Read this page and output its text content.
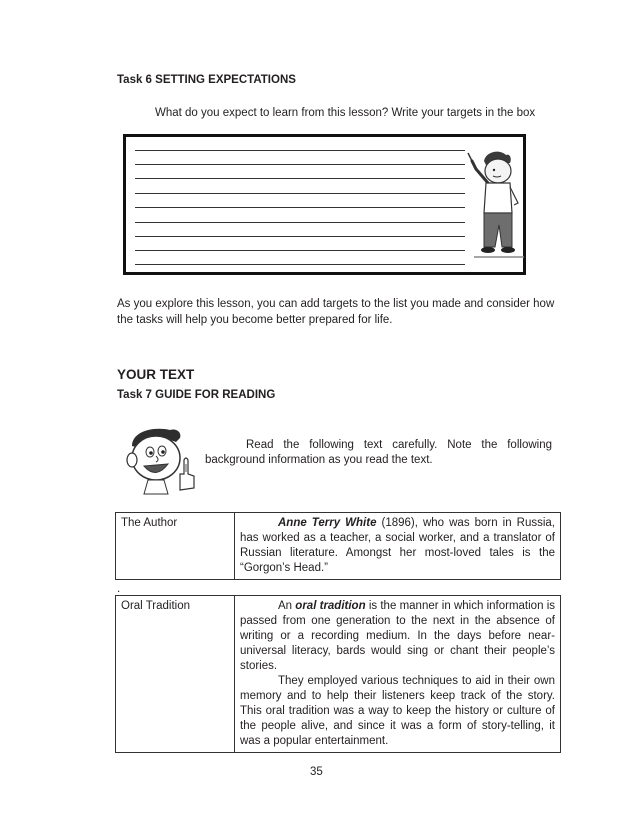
Task 6 SETTING EXPECTATIONS
What do you expect to learn from this lesson? Write your targets in the box
As you explore this lesson, you can add targets to the list you made and consider how the tasks will help you become better prepared for life.
YOUR TEXT
Task 7 GUIDE FOR READING
Read the following text carefully. Note the following
background information as you read the text.
The Author	Anne Terry White (1896), who was born in Russia, has worked as a teacher, a social worker, and a translator of Russian literature. Amongst her most-loved tales is the “Gorgon’s Head.”

.
Oral Tradition	An oral tradition is the manner in which information is passed from one generation to the next in the absence of writing or a recording medium. In the days before near-universal literacy, bards would sing or chant their people’s stories.

They employed various techniques to aid in their own memory and to help their listeners keep track of the story. This oral tradition was a way to keep the history or culture of the people alive, and since it was a form of story-telling, it was a popular entertainment.

35
